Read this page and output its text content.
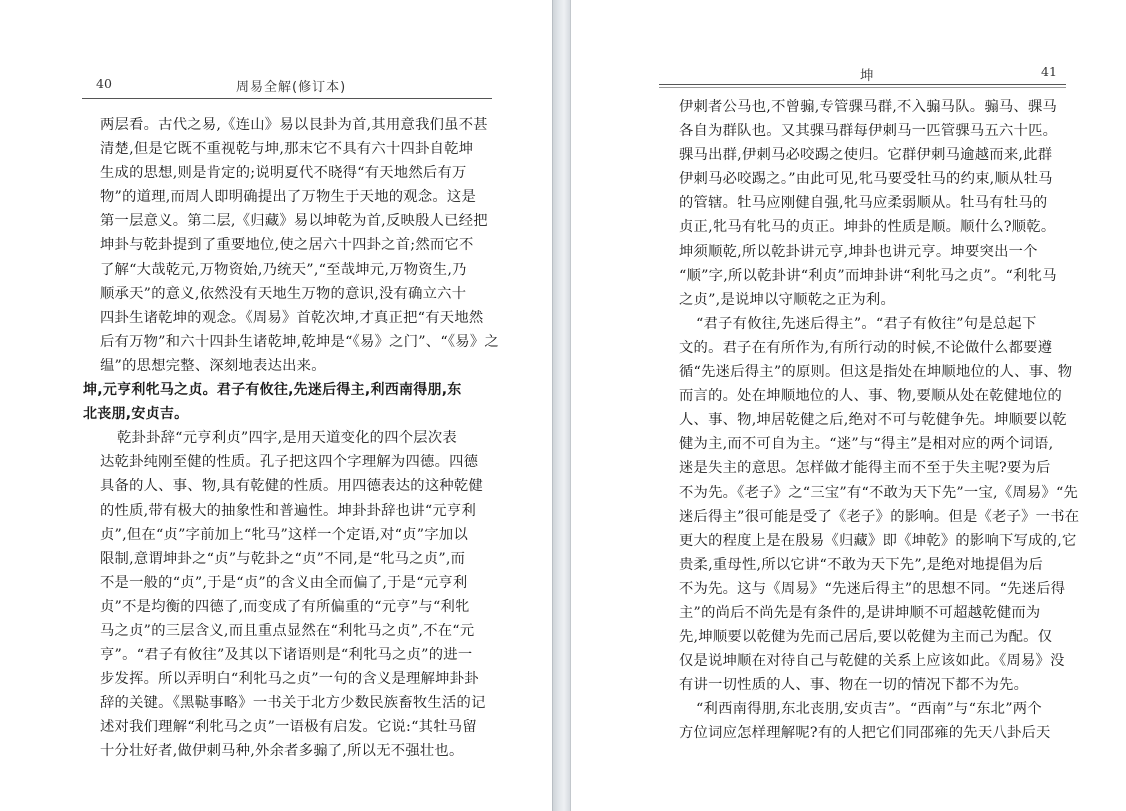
40	周易全解(修订本)
两层看。古代之易,《连山》易以艮卦为首,其用意我们虽不甚
清楚,但是它既不重视乾与坤,那末它不具有六十四卦自乾坤
生成的思想,则是肯定的;说明夏代不晓得“有天地然后有万
物”的道理,而周人即明确提出了万物生于天地的观念。这是
第一层意义。第二层,《归藏》易以坤乾为首,反映殷人已经把
坤卦与乾卦提到了重要地位,使之居六十四卦之首;然而它不
了解“大哉乾元,万物资始,乃统天”,“至哉坤元,万物资生,乃
顺承天”的意义,依然没有天地生万物的意识,没有确立六十
四卦生诸乾坤的观念。《周易》首乾次坤,才真正把“有天地然
后有万物”和六十四卦生诸乾坤,乾坤是“《易》之门”、“《易》之
缊”的思想完整、深刻地表达出来。
坤,元亨利牝马之贞。君子有攸往,先迷后得主,利西南得朋,东
北丧朋,安贞吉。
乾卦卦辞“元亨利贞”四字,是用天道变化的四个层次表
达乾卦纯刚至健的性质。孔子把这四个字理解为四德。四德
具备的人、事、物,具有乾健的性质。用四德表达的这种乾健
的性质,带有极大的抽象性和普遍性。坤卦卦辞也讲“元亨利
贞”,但在“贞”字前加上“牝马”这样一个定语,对“贞”字加以
限制,意谓坤卦之“贞”与乾卦之“贞”不同,是“牝马之贞”,而
不是一般的“贞”,于是“贞”的含义由全而偏了,于是“元亨利
贞”不是均衡的四德了,而变成了有所偏重的“元亨”与“利牝
马之贞”的三层含义,而且重点显然在“利牝马之贞”,不在“元
亨”。“君子有攸往”及其以下诸语则是“利牝马之贞”的进一
步发挥。所以弄明白“利牝马之贞”一句的含义是理解坤卦卦
辞的关键。《黑鞑事略》一书关于北方少数民族畜牧生活的记
述对我们理解“利牝马之贞”一语极有启发。它说:“其牡马留
十分壮好者,做伊刺马种,外余者多骟了,所以无不强壮也。
坤	41
伊刺者公马也,不曾骟,专管骒马群,不入骟马队。骟马、骒马
各自为群队也。又其骒马群每伊刺马一匹管骒马五六十匹。
骒马出群,伊刺马必咬踢之使归。它群伊刺马逾越而来,此群
伊刺马必咬踢之。”由此可见,牝马要受牡马的约束,顺从牡马
的管辖。牡马应刚健自强,牝马应柔弱顺从。牡马有牡马的
贞正,牝马有牝马的贞正。坤卦的性质是顺。顺什么?顺乾。
坤须顺乾,所以乾卦讲元亨,坤卦也讲元亨。坤要突出一个
“顺”字,所以乾卦讲“利贞”而坤卦讲“利牝马之贞”。“利牝马
之贞”,是说坤以守顺乾之正为利。
“君子有攸往,先迷后得主”。“君子有攸往”句是总起下
文的。君子在有所作为,有所行动的时候,不论做什么都要遵
循“先迷后得主”的原则。但这是指处在坤顺地位的人、事、物
而言的。处在坤顺地位的人、事、物,要顺从处在乾健地位的
人、事、物,坤居乾健之后,绝对不可与乾健争先。坤顺要以乾
健为主,而不可自为主。“迷”与“得主”是相对应的两个词语,
迷是失主的意思。怎样做才能得主而不至于失主呢?要为后
不为先。《老子》之“三宝”有“不敢为天下先”一宝,《周易》“先
迷后得主”很可能是受了《老子》的影响。但是《老子》一书在
更大的程度上是在殷易《归藏》即《坤乾》的影响下写成的,它
贵柔,重母性,所以它讲“不敢为天下先”,是绝对地提倡为后
不为先。这与《周易》“先迷后得主”的思想不同。“先迷后得
主”的尚后不尚先是有条件的,是讲坤顺不可超越乾健而为
先,坤顺要以乾健为先而己居后,要以乾健为主而己为配。仅
仅是说坤顺在对待自己与乾健的关系上应该如此。《周易》没
有讲一切性质的人、事、物在一切的情况下都不为先。
“利西南得朋,东北丧朋,安贞吉”。“西南”与“东北”两个
方位词应怎样理解呢?有的人把它们同邵雍的先天八卦后天
